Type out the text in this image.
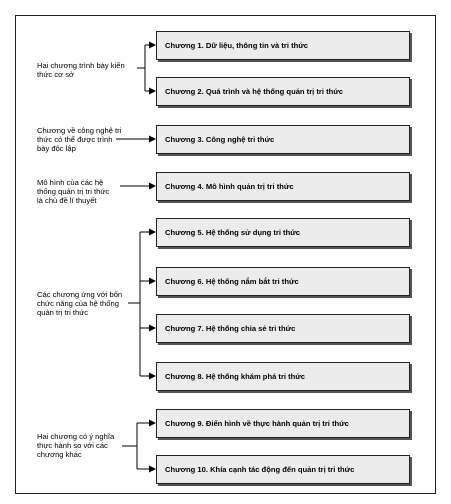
Hai chương trình bày kiến thức cơ sở
Chương về công nghệ tri thức có thể được trình bày độc lập
Mô hình của các hệ thống quản trị tri thức là chủ đề lí thuyết
Các chương ứng với bốn chức năng của hệ thống quản trị tri thức
Hai chương có ý nghĩa thực hành so với các chương khác
Chương 1. Dữ liệu, thông tin và tri thức
Chương 2. Quá trình và hệ thống quản trị tri thức
Chương 3. Công nghệ tri thức
Chương 4. Mô hình quản trị tri thức
Chương 5. Hệ thống sử dụng tri thức
Chương 6. Hệ thống nắm bắt tri thức
Chương 7. Hệ thống chia sẻ tri thức
Chương 8. Hệ thống khám phá tri thức
Chương 9. Điển hình về thực hành quản trị tri thức
Chương 10. Khía cạnh tác động đến quản trị tri thức
